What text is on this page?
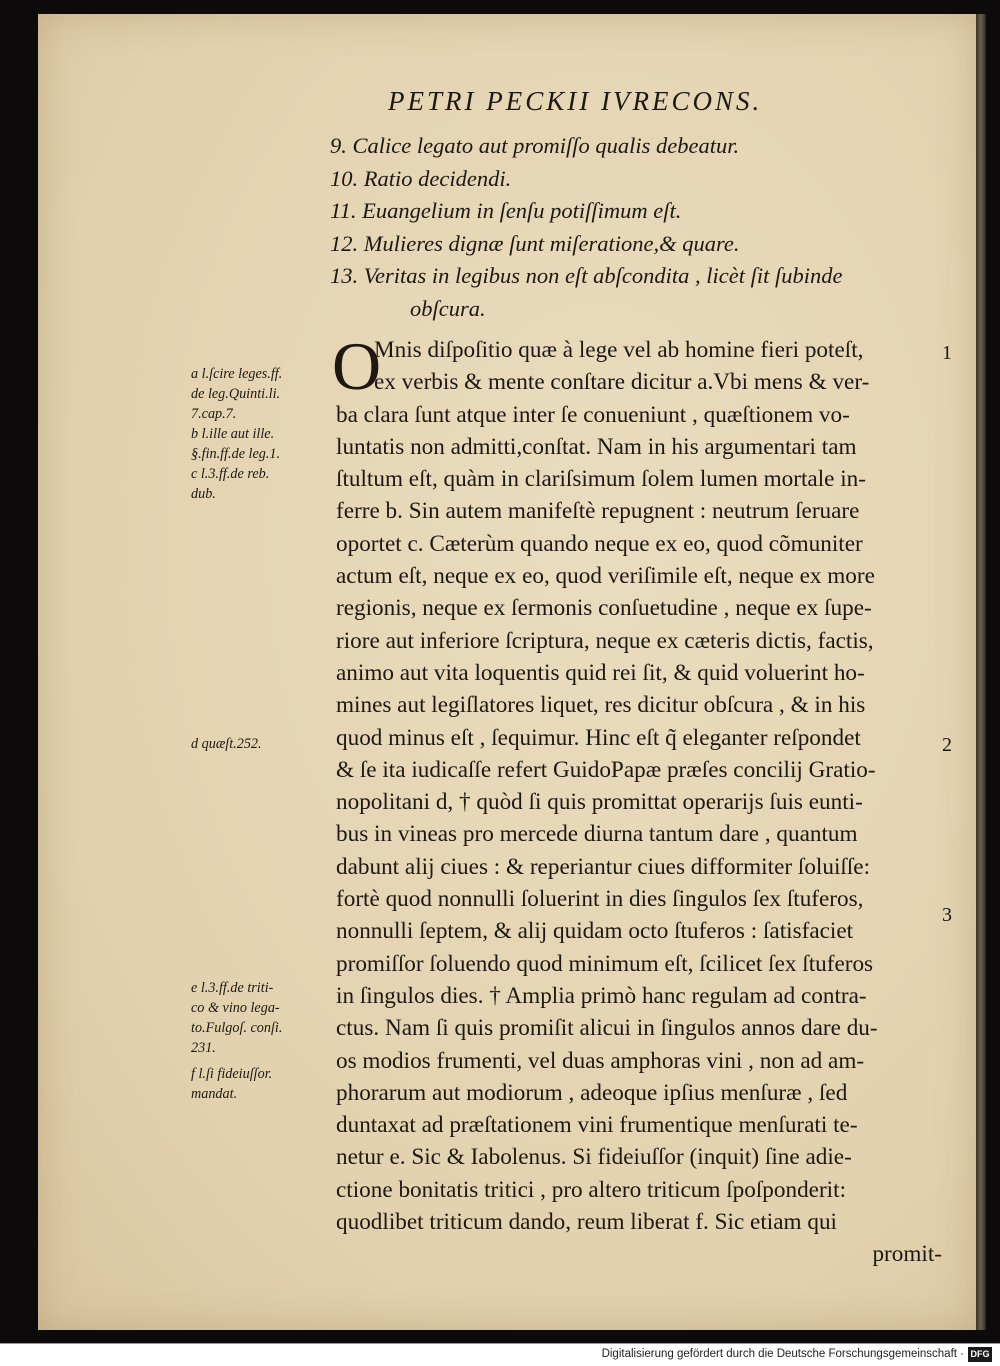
PETRI PECKII IVRECONS.
9. Calice legato aut promiſſo qualis debeatur.
10. Ratio decidendi.
11. Euangelium in ſenſu potiſſimum eſt.
12. Mulieres dignæ ſunt miſeratione,& quare.
13. Veritas in legibus non eſt abſcondita , licèt ſit ſubinde
obſcura.
O
Mnis diſpoſitio quæ à lege vel ab homine fieri poteſt,
ex verbis & mente conſtare dicitur a.Vbi mens & ver-
ba clara ſunt atque inter ſe conueniunt , quæſtionem vo-
luntatis non admitti,conſtat. Nam in his argumentari tam
ſtultum eſt, quàm in clariſsimum ſolem lumen mortale in-
ferre b. Sin autem manifeſtè repugnent : neutrum ſeruare
oportet c. Cæterùm quando neque ex eo, quod cõmuniter
actum eſt, neque ex eo, quod veriſimile eſt, neque ex more
regionis, neque ex ſermonis conſuetudine , neque ex ſupe-
riore aut inferiore ſcriptura, neque ex cæteris dictis, factis,
animo aut vita loquentis quid rei ſit, & quid voluerint ho-
mines aut legiſlatores liquet, res dicitur obſcura , & in his
quod minus eſt , ſequimur. Hinc eſt q̃ eleganter reſpondet
& ſe ita iudicaſſe refert GuidoPapæ præſes concilij Gratio-
nopolitani d, † quòd ſi quis promittat operarijs ſuis eunti-
bus in vineas pro mercede diurna tantum dare , quantum
dabunt alij ciues : & reperiantur ciues difformiter ſoluiſſe:
fortè quod nonnulli ſoluerint in dies ſingulos ſex ſtuferos,
nonnulli ſeptem, & alij quidam octo ſtuferos : ſatisfaciet
promiſſor ſoluendo quod minimum eſt, ſcilicet ſex ſtuferos
in ſingulos dies. † Amplia primò hanc regulam ad contra-
ctus. Nam ſi quis promiſit alicui in ſingulos annos dare du-
os modios frumenti, vel duas amphoras vini , non ad am-
phorarum aut modiorum , adeoque ipſius menſuræ , ſed
duntaxat ad præſtationem vini frumentique menſurati te-
netur e. Sic & Iabolenus. Si fideiuſſor (inquit) ſine adie-
ctione bonitatis tritici , pro altero triticum ſpoſponderit:
quodlibet triticum dando, reum liberat f. Sic etiam qui
promit-
a l.ſcire leges.ff.
de leg.Quinti.li.
7.cap.7.
b l.ille aut ille.
§.fin.ff.de leg.1.
c l.3.ff.de reb.
dub.
d quæſt.252.
e l.3.ff.de triti-
co & vino lega-
to.Fulgoſ. conſi.
231.
f l.ſi fideiuſſor.
mandat.
1
2
3
Digitalisierung gefördert durch die Deutsche Forschungsgemeinschaft · DFG
